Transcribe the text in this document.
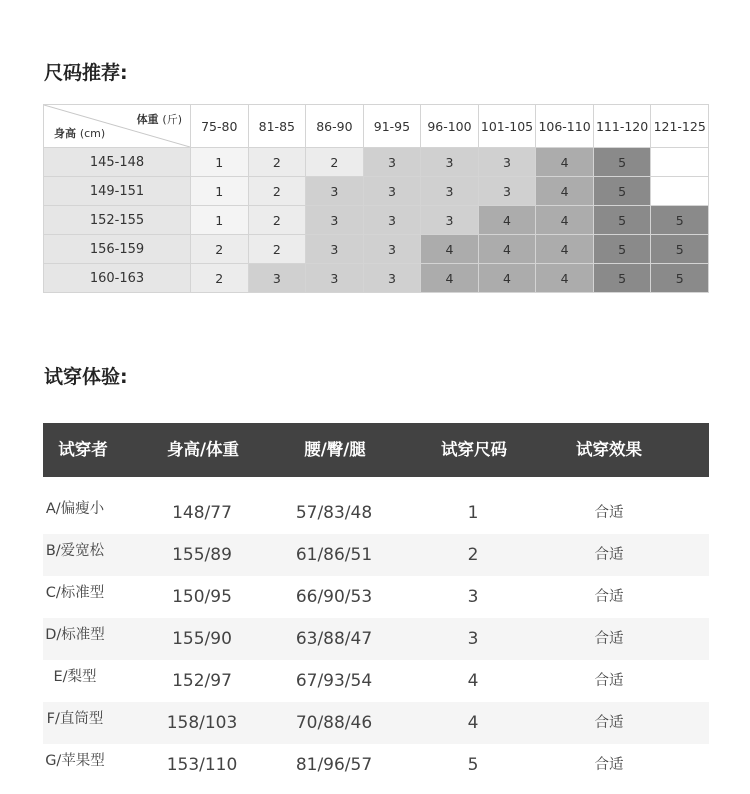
尺码推荐:
体重 (斤)
身高 (cm)	75-80	81-85	86-90	91-95	96-100	101-105	106-110	111-120	121-125
145-148	1	2	2	3	3	3	4	5	
149-151	1	2	3	3	3	3	4	5	
152-155	1	2	3	3	3	4	4	5	5
156-159	2	2	3	3	4	4	4	5	5
160-163	2	3	3	3	4	4	4	5	5
试穿体验:
试穿者	身高/体重	腰/臀/腿	试穿尺码	试穿效果
A/偏瘦小	148/77	57/83/48	1	合适
B/爱宽松	155/89	61/86/51	2	合适
C/标准型	150/95	66/90/53	3	合适
D/标准型	155/90	63/88/47	3	合适
E/梨型	152/97	67/93/54	4	合适
F/直筒型	158/103	70/88/46	4	合适
G/苹果型	153/110	81/96/57	5	合适
